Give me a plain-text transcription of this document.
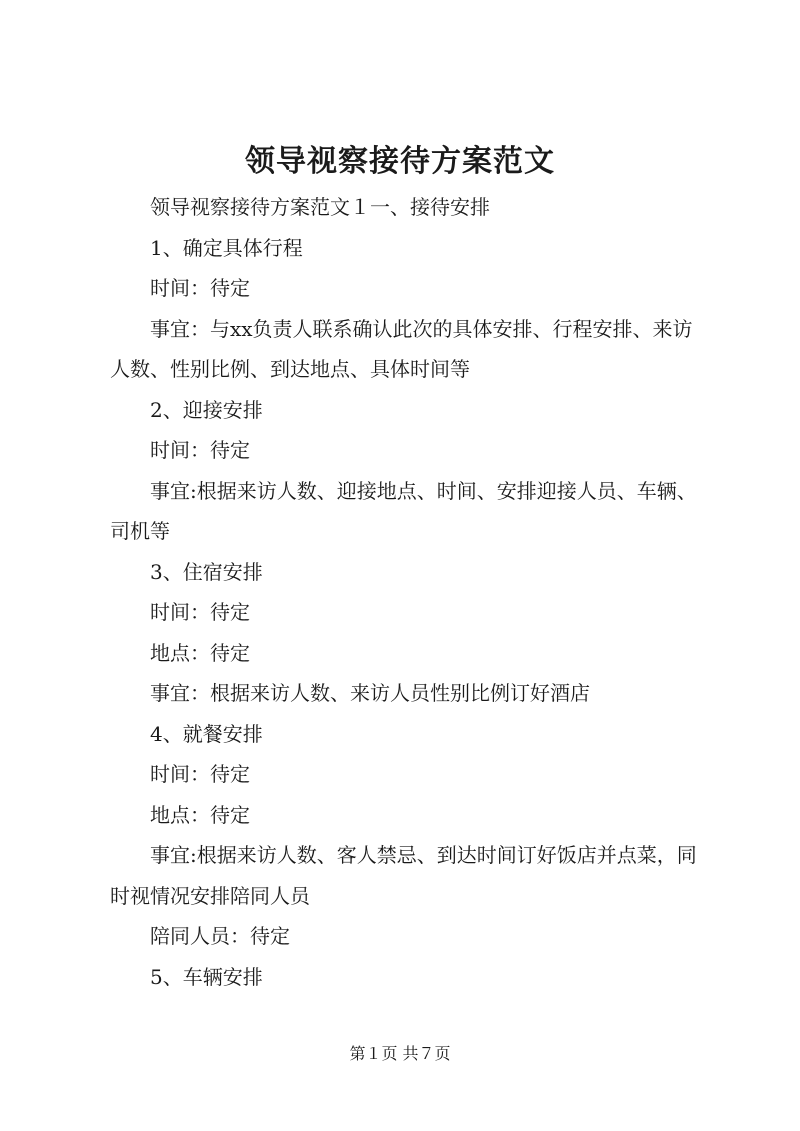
领导视察接待方案范文

领导视察接待方案范文１一、接待安排

1、确定具体行程

时间：待定

事宜：与xx负责人联系确认此次的具体安排、行程安排、来访人数、性别比例、到达地点、具体时间等

2、迎接安排

时间：待定

事宜:根据来访人数、迎接地点、时间、安排迎接人员、车辆、司机等

3、住宿安排

时间：待定

地点：待定

事宜：根据来访人数、来访人员性别比例订好酒店

4、就餐安排

时间：待定

地点：待定

事宜:根据来访人数、客人禁忌、到达时间订好饭店并点菜，同时视情况安排陪同人员

陪同人员：待定

5、车辆安排

第１页 共７页
